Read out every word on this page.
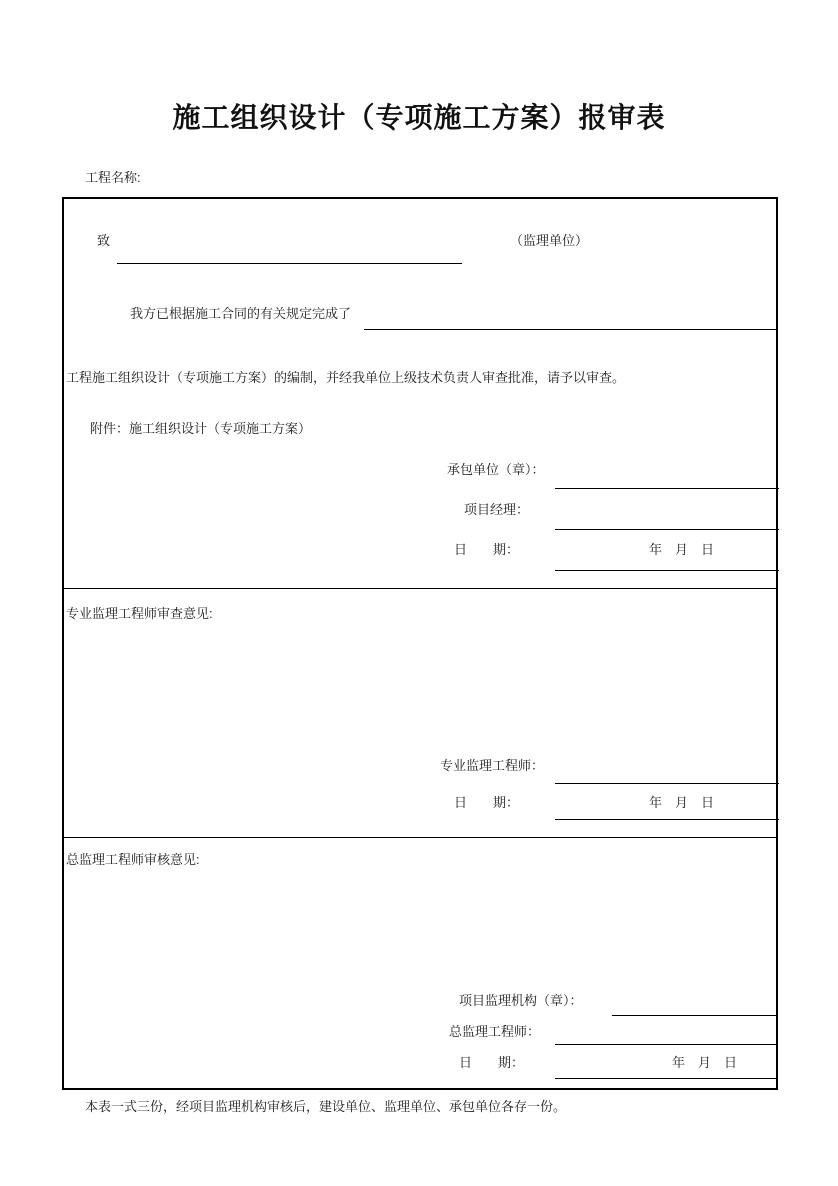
施工组织设计（专项施工方案）报审表
工程名称:
致	（监理单位）
我方已根据施工合同的有关规定完成了
工程施工组织设计（专项施工方案）的编制，并经我单位上级技术负责人审查批准，请予以审查。
附件：施工组织设计（专项施工方案）
承包单位（章）：
项目经理：
日　　期：	年　月　日
专业监理工程师审查意见:
专业监理工程师：
日　　期：	年　月　日
总监理工程师审核意见:
项目监理机构（章）：
总监理工程师：
日　　期：	年　月　日
本表一式三份，经项目监理机构审核后，建设单位、监理单位、承包单位各存一份。
